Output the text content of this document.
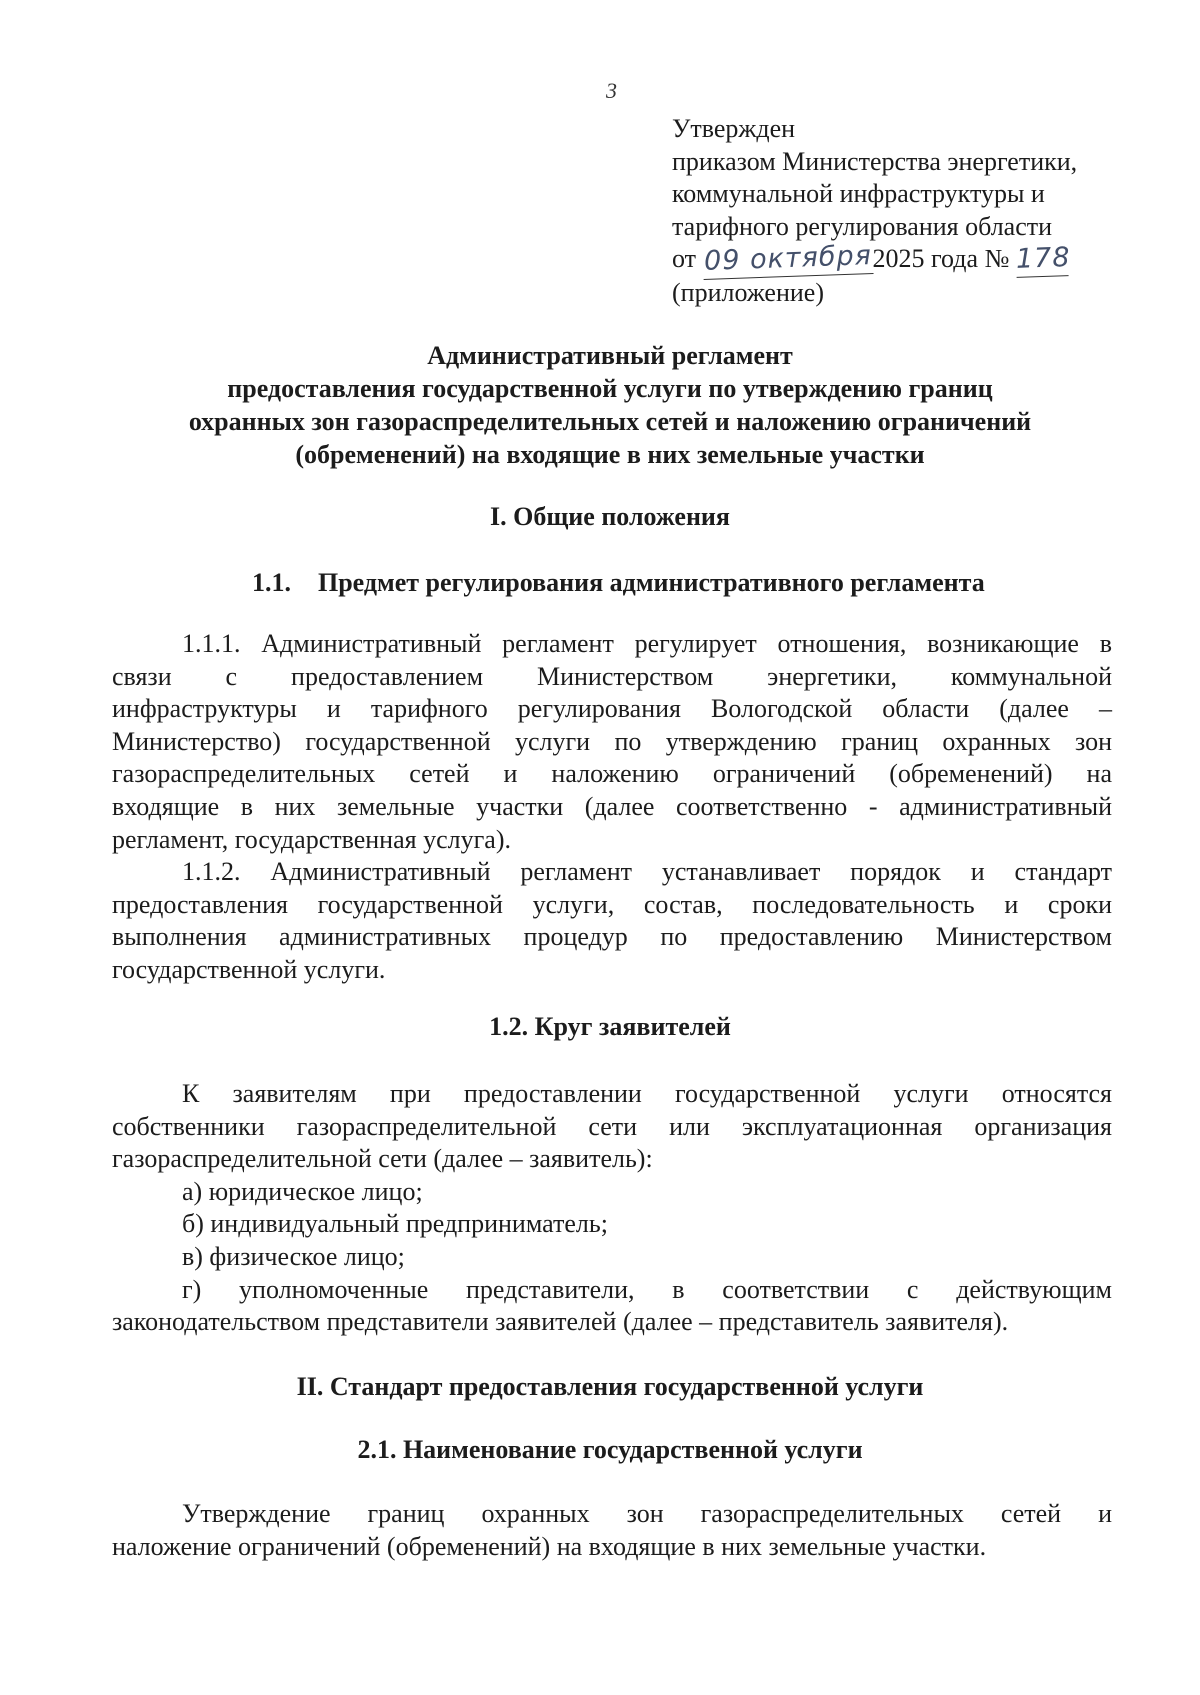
3
Утвержден
приказом Министерства энергетики,
коммунальной инфраструктуры и
тарифного регулирования области
от 09 октября2025 года № 178
(приложение)
Административный регламент
предоставления государственной услуги по утверждению границ
охранных зон газораспределительных сетей и наложению ограничений
(обременений) на входящие в них земельные участки
I. Общие положения
1.1. Предмет регулирования административного регламента
1.1.1. Административный регламент регулирует отношения, возникающие в
связи с предоставлением Министерством энергетики, коммунальной
инфраструктуры и тарифного регулирования Вологодской области (далее –
Министерство) государственной услуги по утверждению границ охранных зон
газораспределительных сетей и наложению ограничений (обременений) на
входящие в них земельные участки (далее соответственно - административный
регламент, государственная услуга).
1.1.2. Административный регламент устанавливает порядок и стандарт
предоставления государственной услуги, состав, последовательность и сроки
выполнения административных процедур по предоставлению Министерством
государственной услуги.
1.2. Круг заявителей
К заявителям при предоставлении государственной услуги относятся
собственники газораспределительной сети или эксплуатационная организация
газораспределительной сети (далее – заявитель):
а) юридическое лицо;
б) индивидуальный предприниматель;
в) физическое лицо;
г) уполномоченные представители, в соответствии с действующим
законодательством представители заявителей (далее – представитель заявителя).
II. Стандарт предоставления государственной услуги
2.1. Наименование государственной услуги
Утверждение границ охранных зон газораспределительных сетей и
наложение ограничений (обременений) на входящие в них земельные участки.
